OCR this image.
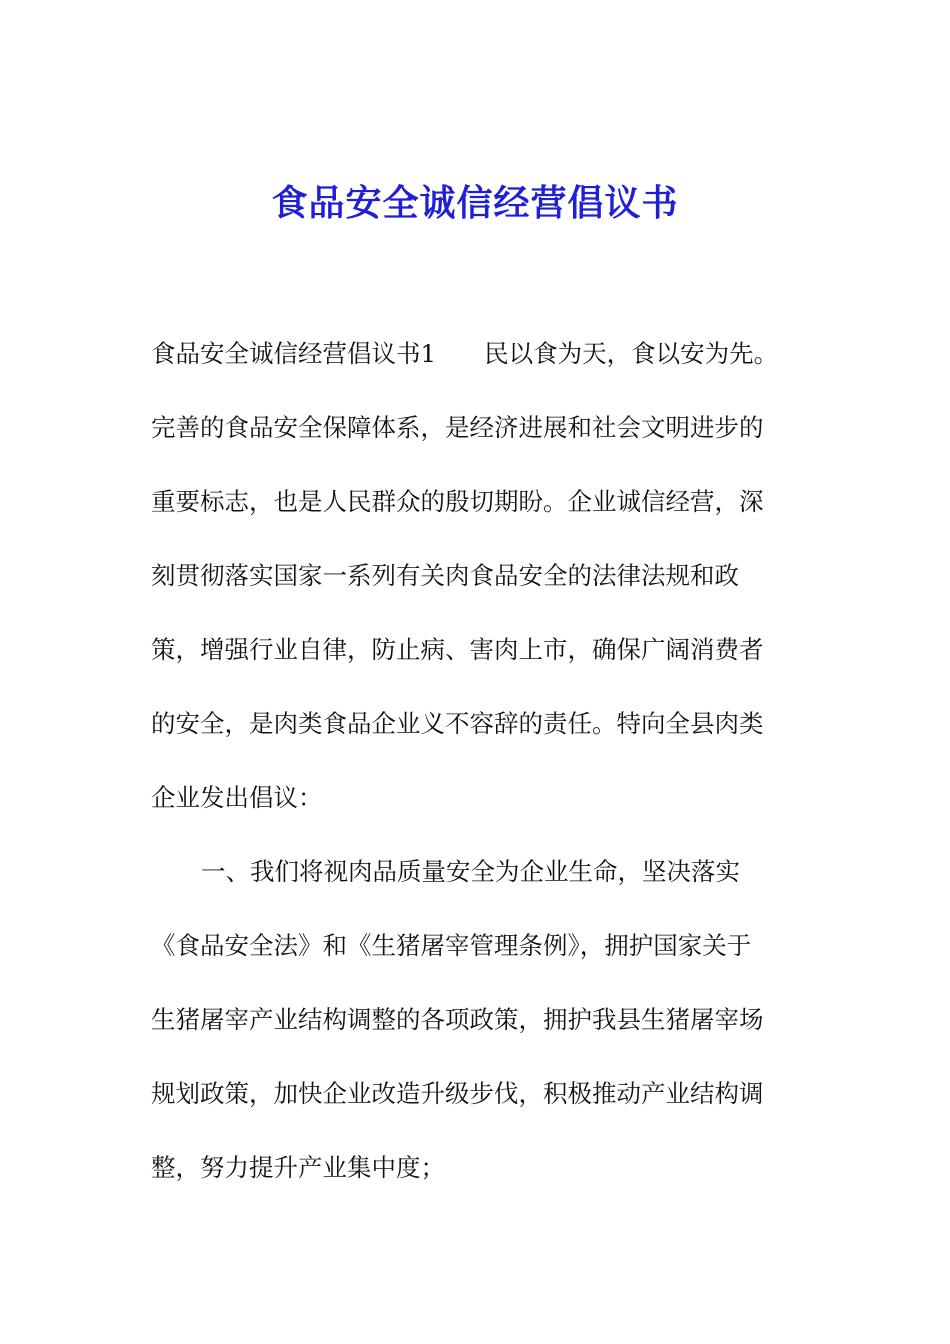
食品安全诚信经营倡议书
食品安全诚信经营倡议书1 民以食为天，食以安为先。
完善的食品安全保障体系，是经济进展和社会文明进步的
重要标志，也是人民群众的殷切期盼。企业诚信经营，深
刻贯彻落实国家一系列有关肉食品安全的法律法规和政
策，增强行业自律，防止病、害肉上市，确保广阔消费者
的安全，是肉类食品企业义不容辞的责任。特向全县肉类
企业发出倡议：
一、我们将视肉品质量安全为企业生命，坚决落实
《食品安全法》和《生猪屠宰管理条例》，拥护国家关于
生猪屠宰产业结构调整的各项政策，拥护我县生猪屠宰场
规划政策，加快企业改造升级步伐，积极推动产业结构调
整，努力提升产业集中度；
